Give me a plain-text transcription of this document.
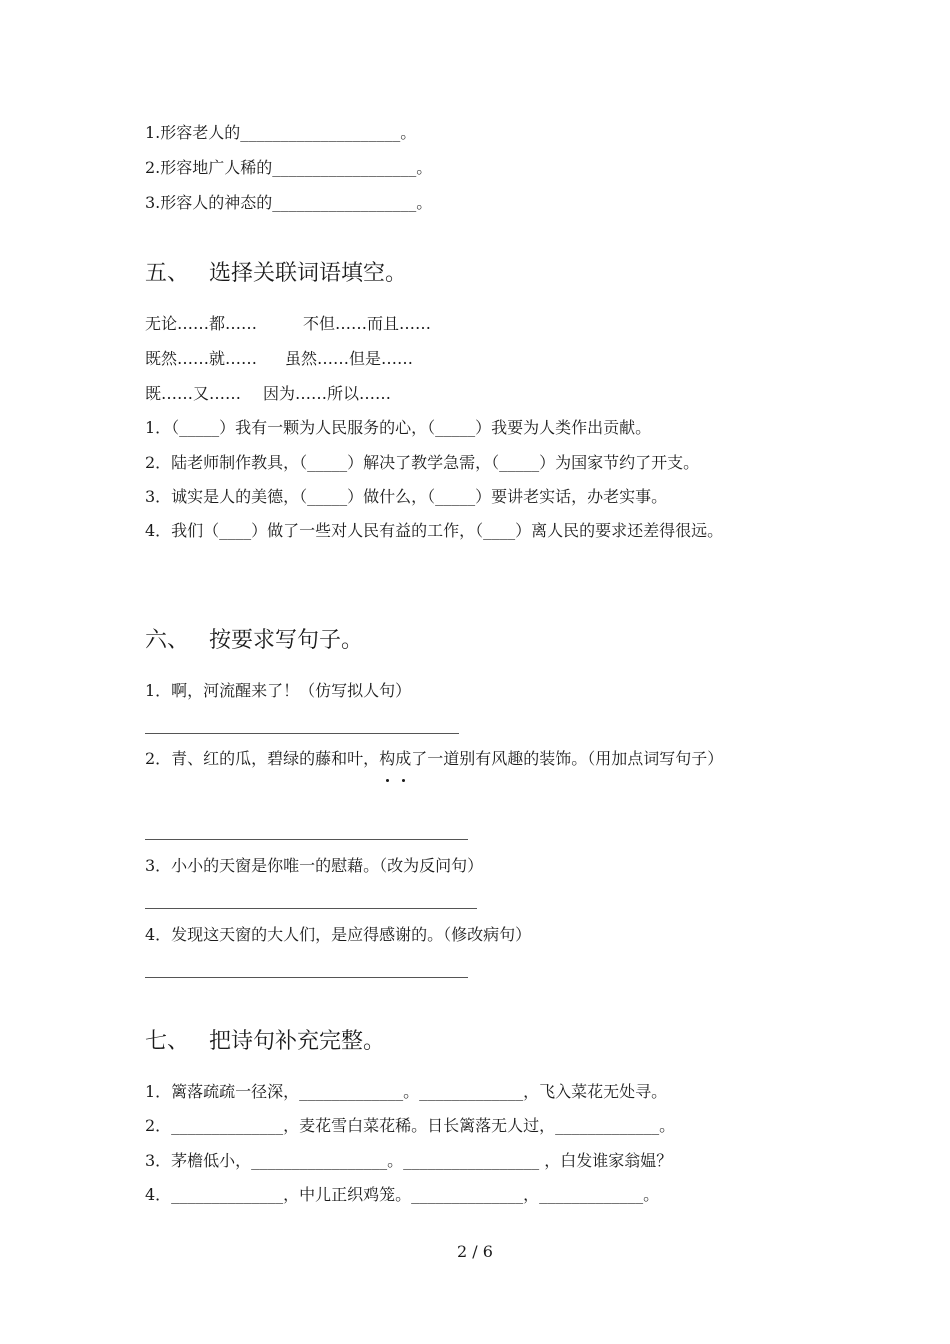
1.形容老人的____________________。
2.形容地广人稀的__________________。
3.形容人的神态的__________________。
五、 选择关联词语填空。
无论……都……	不但……而且……
既然……就…… 虽然……但是……
既……又…… 因为……所以……
1．（_____）我有一颗为人民服务的心，（_____）我要为人类作出贡献。
2．陆老师制作教具，（_____）解决了教学急需，（_____）为国家节约了开支。
3．诚实是人的美德，（_____）做什么，（_____）要讲老实话，办老实事。
4．我们（____）做了一些对人民有益的工作，（____）离人民的要求还差得很远。
六、 按要求写句子。
1．啊，河流醒来了！（仿写拟人句）
2．青、红的瓜，碧绿的藤和叶，构成了一道别有风趣的装饰。（用加点词写句子）
3．小小的天窗是你唯一的慰藉。（改为反问句）
4．发现这天窗的大人们，是应得感谢的。（修改病句）
七、 把诗句补充完整。
1．篱落疏疏一径深，_____________。_____________，飞入菜花无处寻。
2．______________，麦花雪白菜花稀。日长篱落无人过，_____________。
3．茅檐低小，_________________。_________________ ，白发谁家翁媪？
4．______________，中儿正织鸡笼。______________，_____________。
2 / 6
